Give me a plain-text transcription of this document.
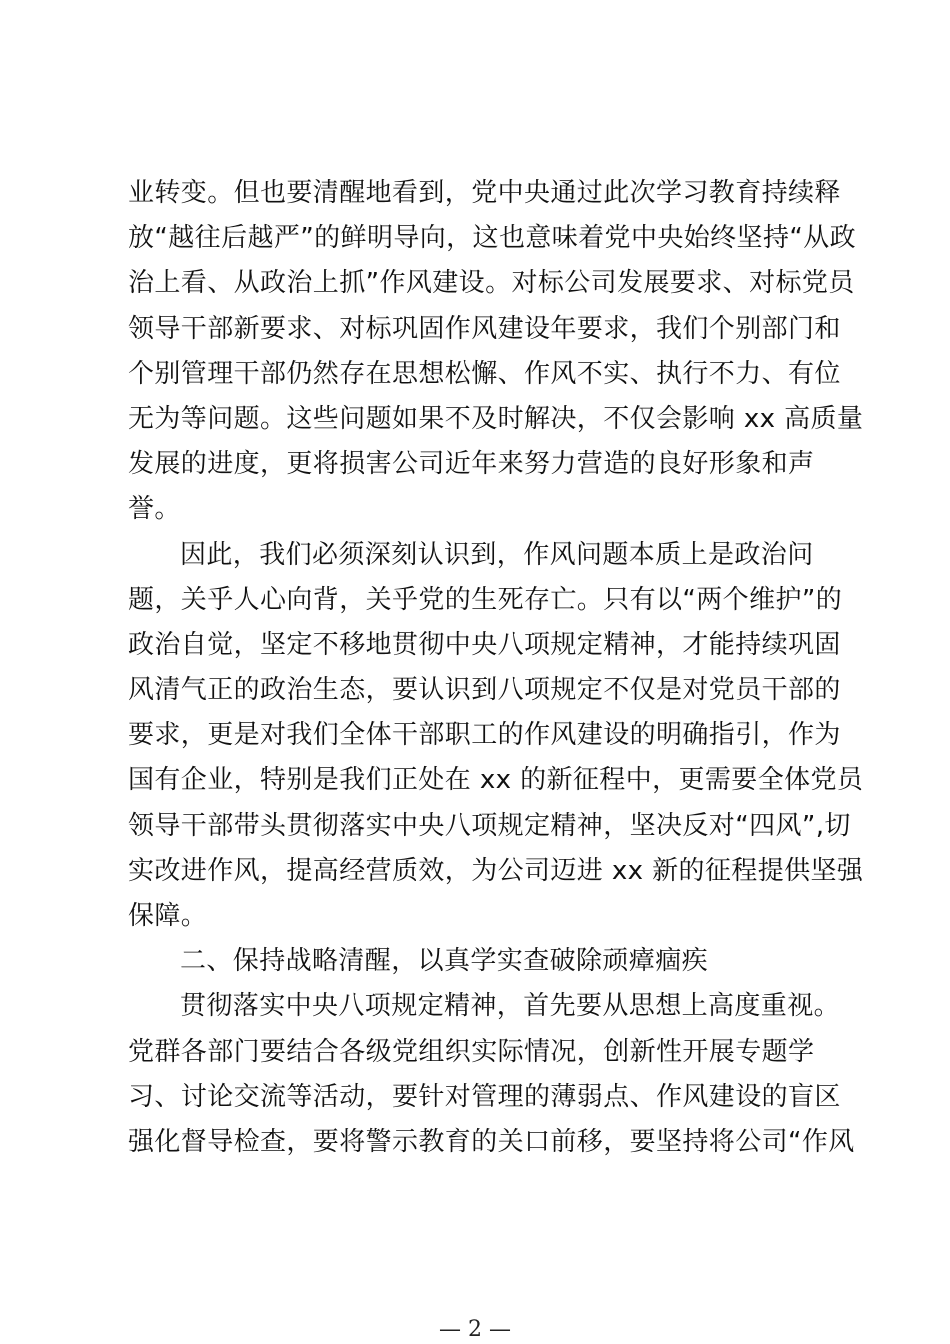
业转变。但也要清醒地看到，党中央通过此次学习教育持续释
放“越往后越严”的鲜明导向，这也意味着党中央始终坚持“从政
治上看、从政治上抓”作风建设。对标公司发展要求、对标党员
领导干部新要求、对标巩固作风建设年要求，我们个别部门和
个别管理干部仍然存在思想松懈、作风不实、执行不力、有位
无为等问题。这些问题如果不及时解决，不仅会影响 xx 高质量
发展的进度，更将损害公司近年来努力营造的良好形象和声
誉。
因此，我们必须深刻认识到，作风问题本质上是政治问
题，关乎人心向背，关乎党的生死存亡。只有以“两个维护”的
政治自觉，坚定不移地贯彻中央八项规定精神，才能持续巩固
风清气正的政治生态，要认识到八项规定不仅是对党员干部的
要求，更是对我们全体干部职工的作风建设的明确指引，作为
国有企业，特别是我们正处在 xx 的新征程中，更需要全体党员
领导干部带头贯彻落实中央八项规定精神，坚决反对“四风”,切
实改进作风，提高经营质效，为公司迈进 xx 新的征程提供坚强
保障。
二、保持战略清醒，以真学实查破除顽瘴痼疾
贯彻落实中央八项规定精神，首先要从思想上高度重视。
党群各部门要结合各级党组织实际情况，创新性开展专题学
习、讨论交流等活动，要针对管理的薄弱点、作风建设的盲区
强化督导检查，要将警示教育的关口前移，要坚持将公司“作风
— 2 —
